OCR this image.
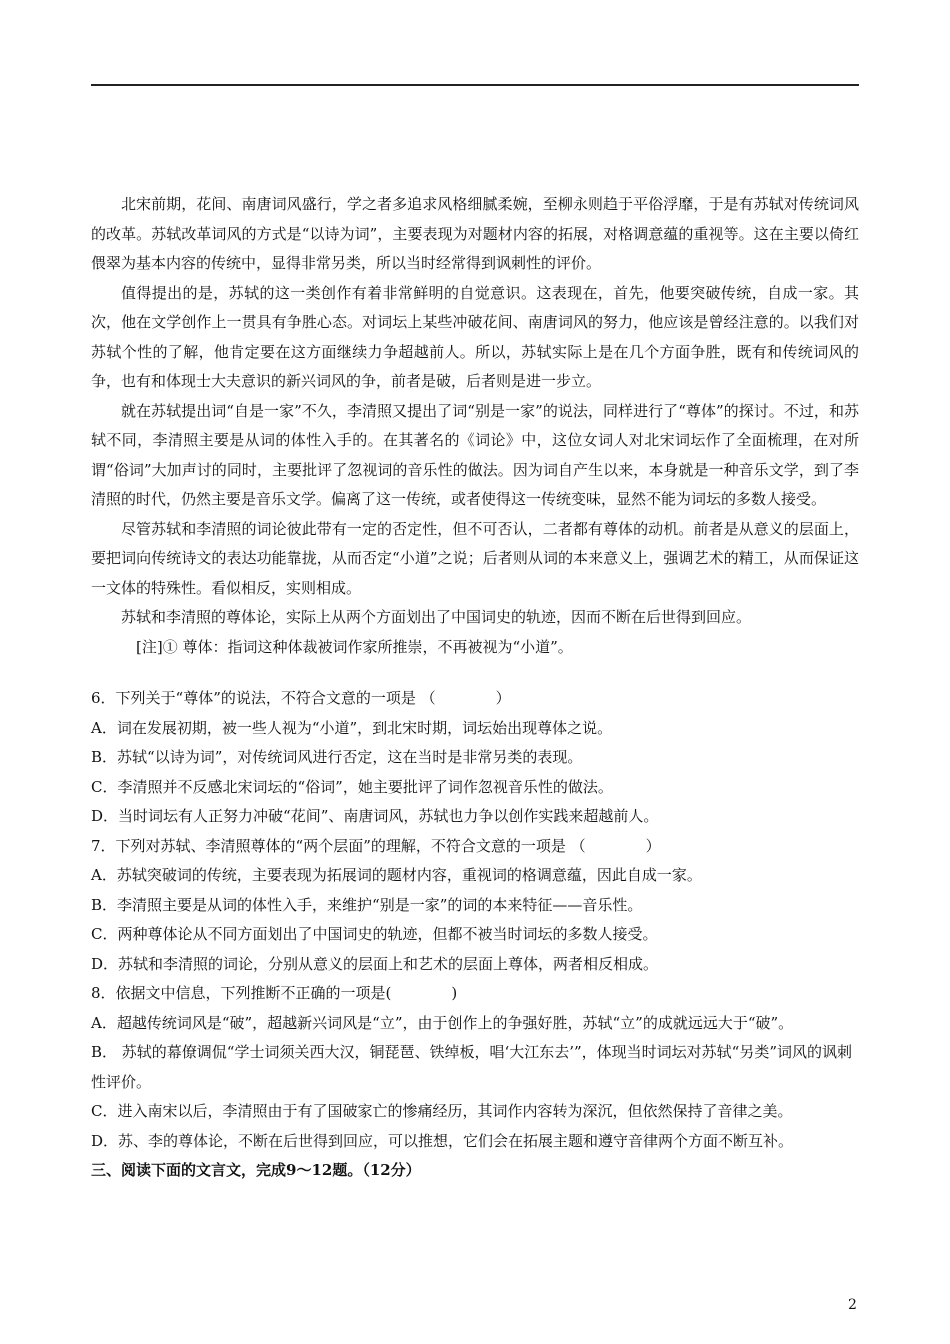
北宋前期，花间、南唐词风盛行，学之者多追求风格细腻柔婉，至柳永则趋于平俗浮靡，于是有苏轼对传统词风的改革。苏轼改革词风的方式是“以诗为词”，主要表现为对题材内容的拓展，对格调意蕴的重视等。这在主要以倚红偎翠为基本内容的传统中，显得非常另类，所以当时经常得到讽刺性的评价。

值得提出的是，苏轼的这一类创作有着非常鲜明的自觉意识。这表现在，首先，他要突破传统，自成一家。其次，他在文学创作上一贯具有争胜心态。对词坛上某些冲破花间、南唐词风的努力，他应该是曾经注意的。以我们对苏轼个性的了解，他肯定要在这方面继续力争超越前人。所以，苏轼实际上是在几个方面争胜，既有和传统词风的争，也有和体现士大夫意识的新兴词风的争，前者是破，后者则是进一步立。

就在苏轼提出词“自是一家”不久，李清照又提出了词“别是一家”的说法，同样进行了“尊体”的探讨。不过，和苏轼不同，李清照主要是从词的体性入手的。在其著名的《词论》中，这位女词人对北宋词坛作了全面梳理，在对所谓“俗词”大加声讨的同时，主要批评了忽视词的音乐性的做法。因为词自产生以来，本身就是一种音乐文学，到了李清照的时代，仍然主要是音乐文学。偏离了这一传统，或者使得这一传统变味，显然不能为词坛的多数人接受。

尽管苏轼和李清照的词论彼此带有一定的否定性，但不可否认，二者都有尊体的动机。前者是从意义的层面上，要把词向传统诗文的表达功能靠拢，从而否定“小道”之说；后者则从词的本来意义上，强调艺术的精工，从而保证这一文体的特殊性。看似相反，实则相成。

苏轼和李清照的尊体论，实际上从两个方面划出了中国词史的轨迹，因而不断在后世得到回应。

[注]① 尊体：指词这种体裁被词作家所推崇，不再被视为“小道”。

6．下列关于“尊体”的说法，不符合文意的一项是 （	）

A．词在发展初期，被一些人视为“小道”，到北宋时期，词坛始出现尊体之说。

B．苏轼“以诗为词”，对传统词风进行否定，这在当时是非常另类的表现。

C．李清照并不反感北宋词坛的“俗词”，她主要批评了词作忽视音乐性的做法。

D．当时词坛有人正努力冲破“花间”、南唐词风，苏轼也力争以创作实践来超越前人。

7．下列对苏轼、李清照尊体的“两个层面”的理解，不符合文意的一项是 （	）

A．苏轼突破词的传统，主要表现为拓展词的题材内容，重视词的格调意蕴，因此自成一家。

B．李清照主要是从词的体性入手，来维护“别是一家”的词的本来特征——音乐性。

C．两种尊体论从不同方面划出了中国词史的轨迹，但都不被当时词坛的多数人接受。

D．苏轼和李清照的词论，分别从意义的层面上和艺术的层面上尊体，两者相反相成。

8．依据文中信息，下列推断不正确的一项是(	)

A．超越传统词风是“破”，超越新兴词风是“立”，由于创作上的争强好胜，苏轼“立”的成就远远大于“破”。

B． 苏轼的幕僚调侃“学士词须关西大汉，铜琵琶、铁绰板，唱‘大江东去’”，体现当时词坛对苏轼“另类”词风的讽刺性评价。

C．进入南宋以后，李清照由于有了国破家亡的惨痛经历，其词作内容转为深沉，但依然保持了音律之美。

D．苏、李的尊体论，不断在后世得到回应，可以推想，它们会在拓展主题和遵守音律两个方面不断互补。

三、阅读下面的文言文，完成9～12题。（12分）

2
